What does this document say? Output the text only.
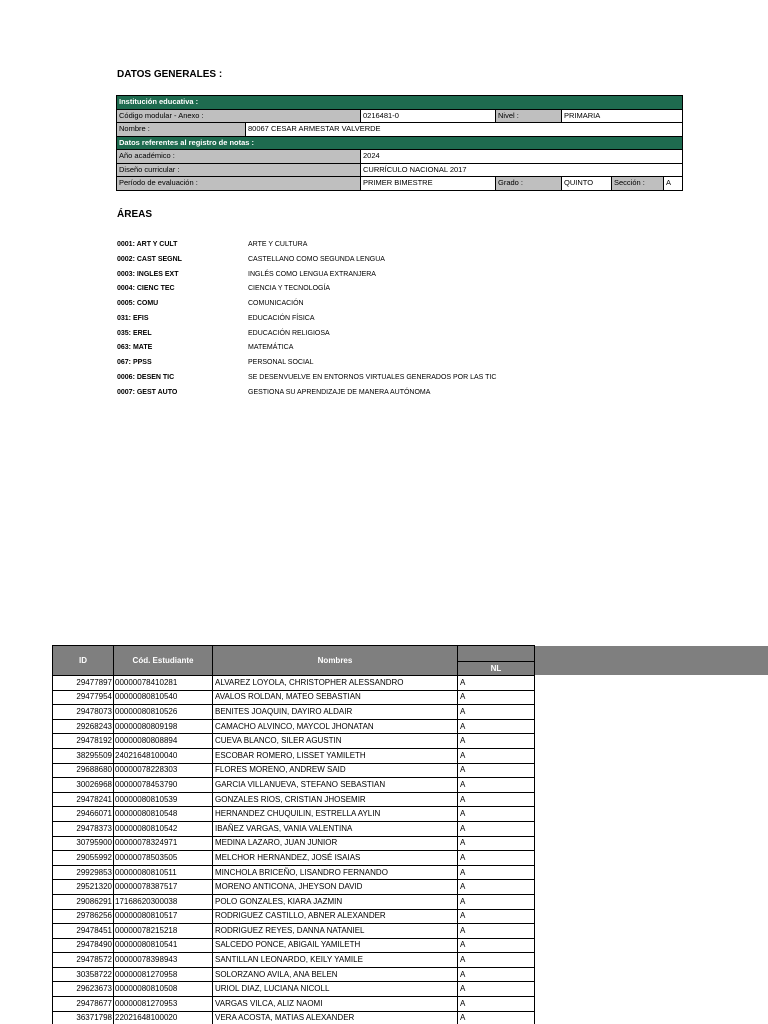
DATOS GENERALES :
Institución educativa :						
Código modular - Anexo :		0216481-0	Nivel :	PRIMARIA		
Nombre :	80067 CESAR ARMESTAR VALVERDE					
Datos referentes al registro de notas :						
Año académico :		2024				
Diseño curricular :		CURRÍCULO NACIONAL 2017				
Período de evaluación :		PRIMER BIMESTRE	Grado :	QUINTO	Sección :	A
ÁREAS
0001: ART Y CULT	ARTE Y CULTURA
0002: CAST SEGNL	CASTELLANO COMO SEGUNDA LENGUA
0003: INGLES EXT	INGLÉS COMO LENGUA EXTRANJERA
0004: CIENC TEC	CIENCIA Y TECNOLOGÍA
0005: COMU	COMUNICACIÓN
031: EFIS	EDUCACIÓN FÍSICA
035: EREL	EDUCACIÓN RELIGIOSA
063: MATE	MATEMÁTICA
067: PPSS	PERSONAL SOCIAL
0006: DESEN TIC	SE DESENVUELVE EN ENTORNOS VIRTUALES GENERADOS POR LAS TIC
0007: GEST AUTO	GESTIONA SU APRENDIZAJE DE MANERA AUTÓNOMA
ID	Cód. Estudiante	Nombres	NL

29477897	00000078410281	ALVAREZ LOYOLA, CHRISTOPHER ALESSANDRO	A
29477954	00000080810540	AVALOS ROLDAN, MATEO SEBASTIAN	A
29478073	00000080810526	BENITES JOAQUIN, DAYIRO ALDAIR	A
29268243	00000080809198	CAMACHO ALVINCO, MAYCOL JHONATAN	A
29478192	00000080808894	CUEVA BLANCO, SILER AGUSTIN	A
38295509	24021648100040	ESCOBAR ROMERO, LISSET YAMILETH	A
29688680	00000078228303	FLORES MORENO, ANDREW SAID	A
30026968	00000078453790	GARCIA VILLANUEVA, STEFANO SEBASTIAN	A
29478241	00000080810539	GONZALES RIOS, CRISTIAN JHOSEMIR	A
29466071	00000080810548	HERNANDEZ CHUQUILIN, ESTRELLA AYLIN	A
29478373	00000080810542	IBAÑEZ VARGAS, VANIA VALENTINA	A
30795900	00000078324971	MEDINA LAZARO, JUAN JUNIOR	A
29055992	00000078503505	MELCHOR HERNANDEZ, JOSÉ ISAIAS	A
29929853	00000080810511	MINCHOLA BRICEÑO, LISANDRO FERNANDO	A
29521320	00000078387517	MORENO ANTICONA, JHEYSON DAVID	A
29086291	17168620300038	POLO GONZALES, KIARA JAZMIN	A
29786256	00000080810517	RODRIGUEZ CASTILLO, ABNER ALEXANDER	A
29478451	00000078215218	RODRIGUEZ REYES, DANNA NATANIEL	A
29478490	00000080810541	SALCEDO PONCE, ABIGAIL YAMILETH	A
29478572	00000078398943	SANTILLAN LEONARDO, KEILY YAMILE	A
30358722	00000081270958	SOLORZANO AVILA, ANA BELEN	A
29623673	00000080810508	URIOL DIAZ, LUCIANA NICOLL	A
29478677	00000081270953	VARGAS VILCA, ALIZ NAOMI	A
36371798	22021648100020	VERA ACOSTA, MATIAS ALEXANDER	A
